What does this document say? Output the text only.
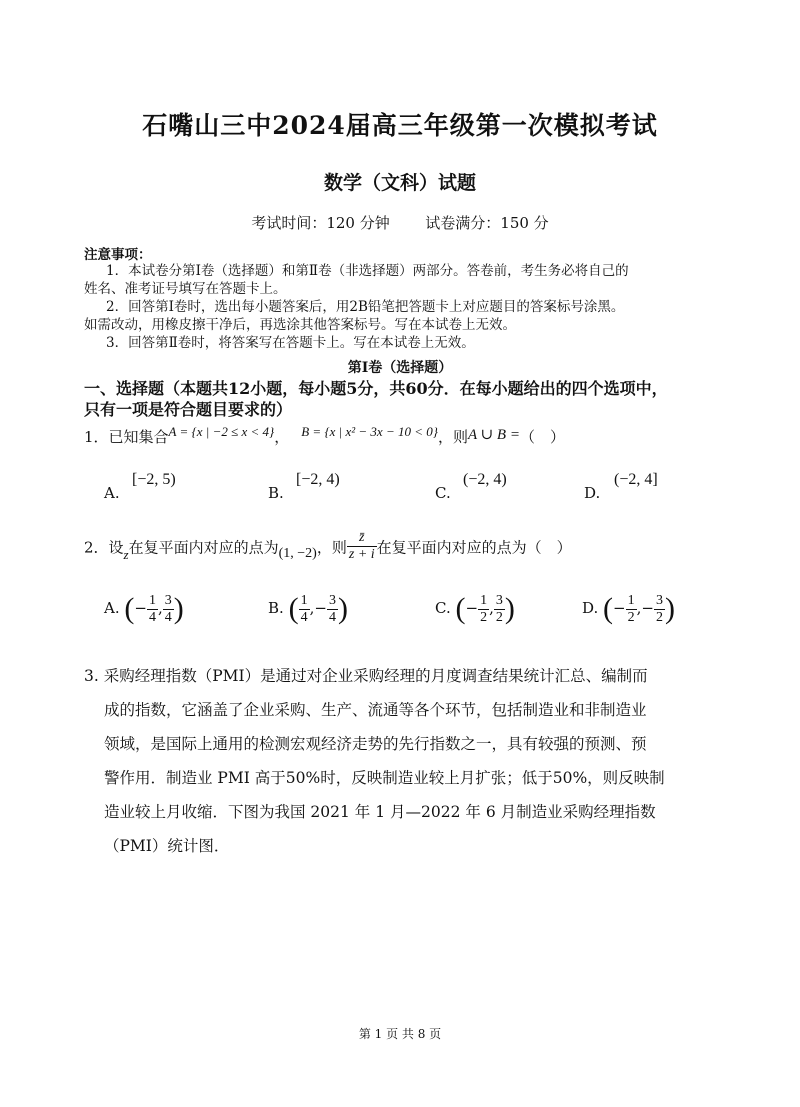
石嘴山三中2024届高三年级第一次模拟考试
数学（文科）试题
考试时间：120 分钟 试卷满分：150 分
注意事项：
1．本试卷分第Ⅰ卷（选择题）和第Ⅱ卷（非选择题）两部分。答卷前，考生务必将自己的
姓名、准考证号填写在答题卡上。
2．回答第Ⅰ卷时，选出每小题答案后，用2B铅笔把答题卡上对应题目的答案标号涂黑。
如需改动，用橡皮擦干净后，再选涂其他答案标号。写在本试卷上无效。
3．回答第Ⅱ卷时，将答案写在答题卡上。写在本试卷上无效。
第Ⅰ卷（选择题）
一、选择题（本题共12小题，每小题5分，共60分．在每小题给出的四个选项中，
只有一项是符合题目要求的）
1．已知集合A = {x | −2 ≤ x < 4}， B = {x | x² − 3x − 10 < 0}，则A ∪ B =（　）
A.
[−2, 5)
B.
[−2, 4)
C.
(−2, 4)
D.
(−2, 4]
2．设z在复平面内对应的点为(1, −2)，则 $\frac{z̄}{z + i}$ 在复平面内对应的点为（　）
A. (− $\frac{1}{4}$ , $\frac{3}{4}$ )	B. ( $\frac{1}{4}$ ,− $\frac{3}{4}$ )	C. (− $\frac{1}{2}$ , $\frac{3}{2}$ )	D. (− $\frac{1}{2}$ ,− $\frac{3}{2}$ )
3. 采购经理指数（PMI）是通过对企业采购经理的月度调查结果统计汇总、编制而
成的指数，它涵盖了企业采购、生产、流通等各个环节，包括制造业和非制造业
领域，是国际上通用的检测宏观经济走势的先行指数之一，具有较强的预测、预
警作用．制造业 PMI 高于50%时，反映制造业较上月扩张；低于50%，则反映制
造业较上月收缩．下图为我国 2021 年 1 月—2022 年 6 月制造业采购经理指数
（PMI）统计图．
第 1 页 共 8 页
